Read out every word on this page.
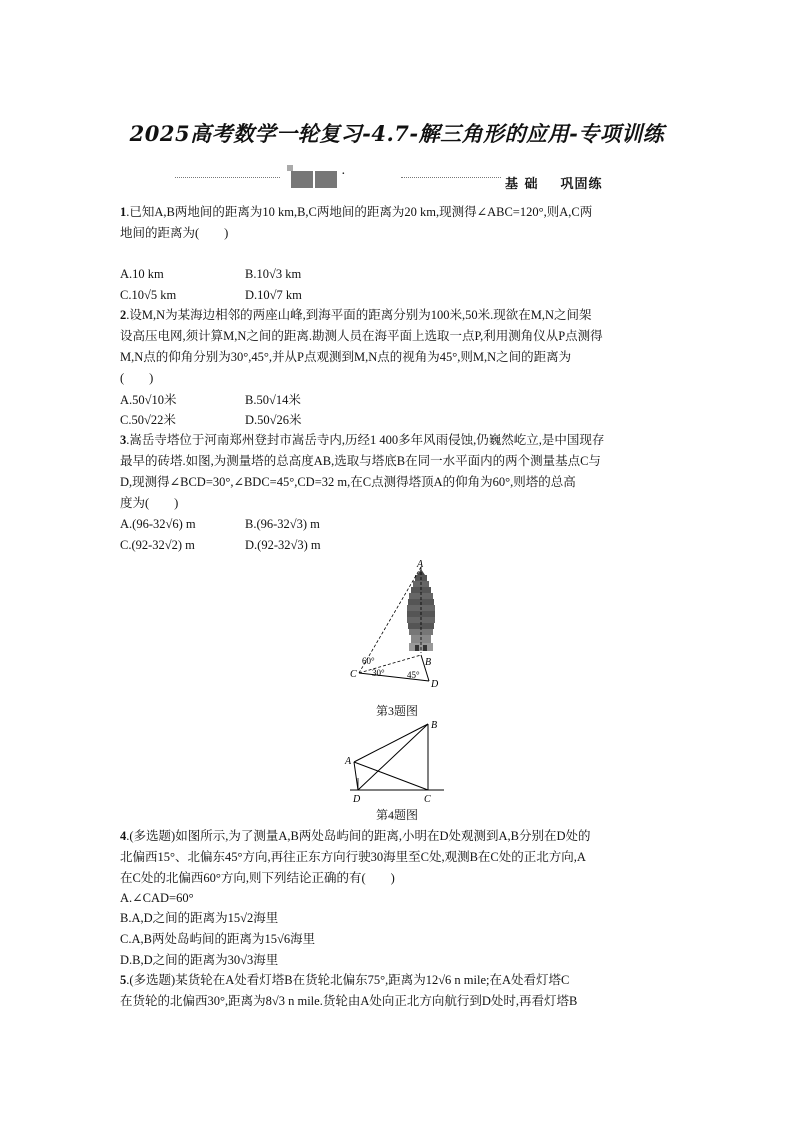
2025高考数学一轮复习-4.7-解三角形的应用-专项训练
·
基 础 巩固练
1.已知A,B两地间的距离为10 km,B,C两地间的距离为20 km,现测得∠ABC=120°,则A,C两
地间的距离为(　　)
A.10 km	B.10√3 km
C.10√5 km	D.10√7 km
2.设M,N为某海边相邻的两座山峰,到海平面的距离分别为100米,50米.现欲在M,N之间架
设高压电网,须计算M,N之间的距离.勘测人员在海平面上选取一点P,利用测角仪从P点测得
M,N点的仰角分别为30°,45°,并从P点观测到M,N点的视角为45°,则M,N之间的距离为
(　　)
A.50√10米	B.50√14米
C.50√22米	D.50√26米
3.嵩岳寺塔位于河南郑州登封市嵩岳寺内,历经1 400多年风雨侵蚀,仍巍然屹立,是中国现存
最早的砖塔.如图,为测量塔的总高度AB,选取与塔底B在同一水平面内的两个测量基点C与
D,现测得∠BCD=30°,∠BDC=45°,CD=32 m,在C点测得塔顶A的仰角为60°,则塔的总高
度为(　　)
A.(96-32√6) m	B.(96-32√3) m
C.(92-32√2) m	D.(92-32√3) m
A
B
C
D
60°
30° 45°
第3题图
A
B
C
D
第4题图
4.(多选题)如图所示,为了测量A,B两处岛屿间的距离,小明在D处观测到A,B分别在D处的
北偏西15°、北偏东45°方向,再往正东方向行驶30海里至C处,观测B在C处的正北方向,A
在C处的北偏西60°方向,则下列结论正确的有(　　)
A.∠CAD=60°
B.A,D之间的距离为15√2海里
C.A,B两处岛屿间的距离为15√6海里
D.B,D之间的距离为30√3海里
5.(多选题)某货轮在A处看灯塔B在货轮北偏东75°,距离为12√6 n mile;在A处看灯塔C
在货轮的北偏西30°,距离为8√3 n mile.货轮由A处向正北方向航行到D处时,再看灯塔B
